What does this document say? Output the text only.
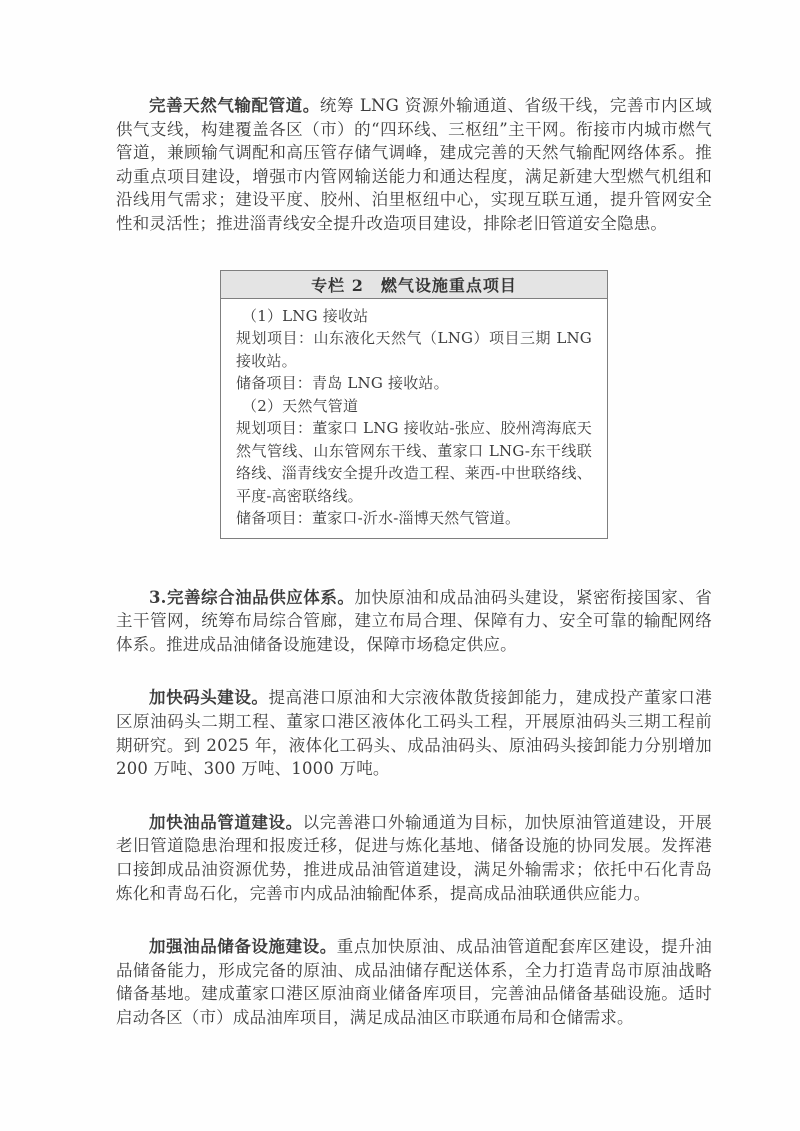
完善天然气输配管道。统筹 LNG 资源外输通道、省级干线，完善市内区域供气支线，构建覆盖各区（市）的“四环线、三枢纽”主干网。衔接市内城市燃气管道，兼顾输气调配和高压管存储气调峰，建成完善的天然气输配网络体系。推动重点项目建设，增强市内管网输送能力和通达程度，满足新建大型燃气机组和沿线用气需求；建设平度、胶州、泊里枢纽中心，实现互联互通，提升管网安全性和灵活性；推进淄青线安全提升改造项目建设，排除老旧管道安全隐患。

专栏 2　燃气设施重点项目

（1）LNG 接收站

规划项目：山东液化天然气（LNG）项目三期 LNG 接收站。

储备项目：青岛 LNG 接收站。

（2）天然气管道

规划项目：董家口 LNG 接收站-张应、胶州湾海底天然气管线、山东管网东干线、董家口 LNG-东干线联络线、淄青线安全提升改造工程、莱西-中世联络线、平度-高密联络线。

储备项目：董家口-沂水-淄博天然气管道。

3.完善综合油品供应体系。加快原油和成品油码头建设，紧密衔接国家、省主干管网，统筹布局综合管廊，建立布局合理、保障有力、安全可靠的输配网络体系。推进成品油储备设施建设，保障市场稳定供应。

加快码头建设。提高港口原油和大宗液体散货接卸能力，建成投产董家口港区原油码头二期工程、董家口港区液体化工码头工程，开展原油码头三期工程前期研究。到 2025 年，液体化工码头、成品油码头、原油码头接卸能力分别增加 200 万吨、300 万吨、1000 万吨。

加快油品管道建设。以完善港口外输通道为目标，加快原油管道建设，开展老旧管道隐患治理和报废迁移，促进与炼化基地、储备设施的协同发展。发挥港口接卸成品油资源优势，推进成品油管道建设，满足外输需求；依托中石化青岛炼化和青岛石化，完善市内成品油输配体系，提高成品油联通供应能力。

加强油品储备设施建设。重点加快原油、成品油管道配套库区建设，提升油品储备能力，形成完备的原油、成品油储存配送体系，全力打造青岛市原油战略储备基地。建成董家口港区原油商业储备库项目，完善油品储备基础设施。适时启动各区（市）成品油库项目，满足成品油区市联通布局和仓储需求。
